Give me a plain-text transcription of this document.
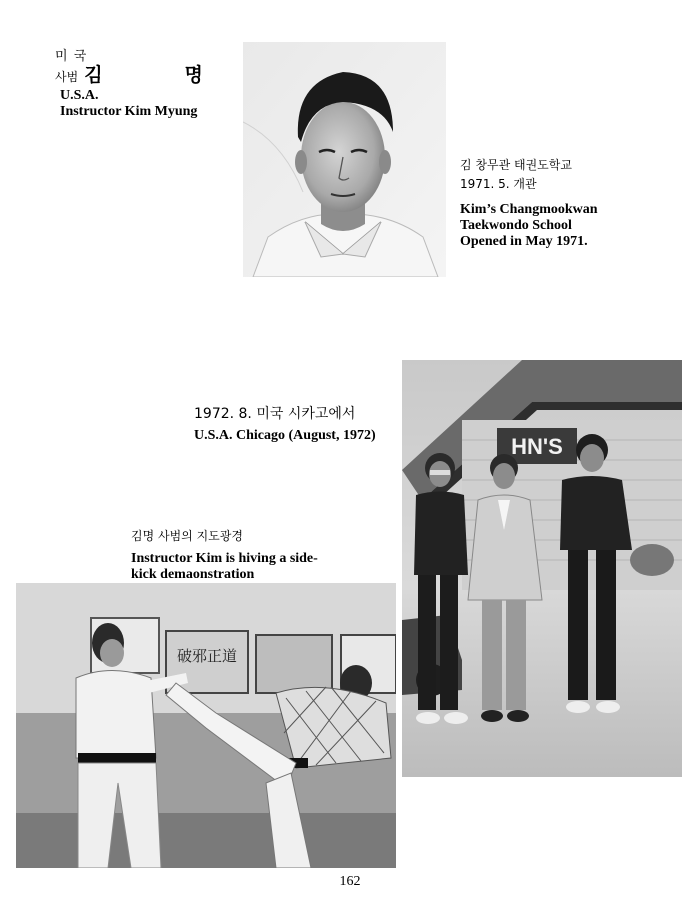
미 국
사범 김	명
U.S.A.
Instructor Kim Myung
김 창무관 태권도학교
1971. 5. 개관
Kim’s Changmookwan
Taekwondo School
Opened in May 1971.
1972. 8. 미국 시카고에서
U.S.A. Chicago (August, 1972)	HN'S
김명 사범의 지도광경
Instructor Kim is hiving a side-
kick demaonstration
破邪正道
162
